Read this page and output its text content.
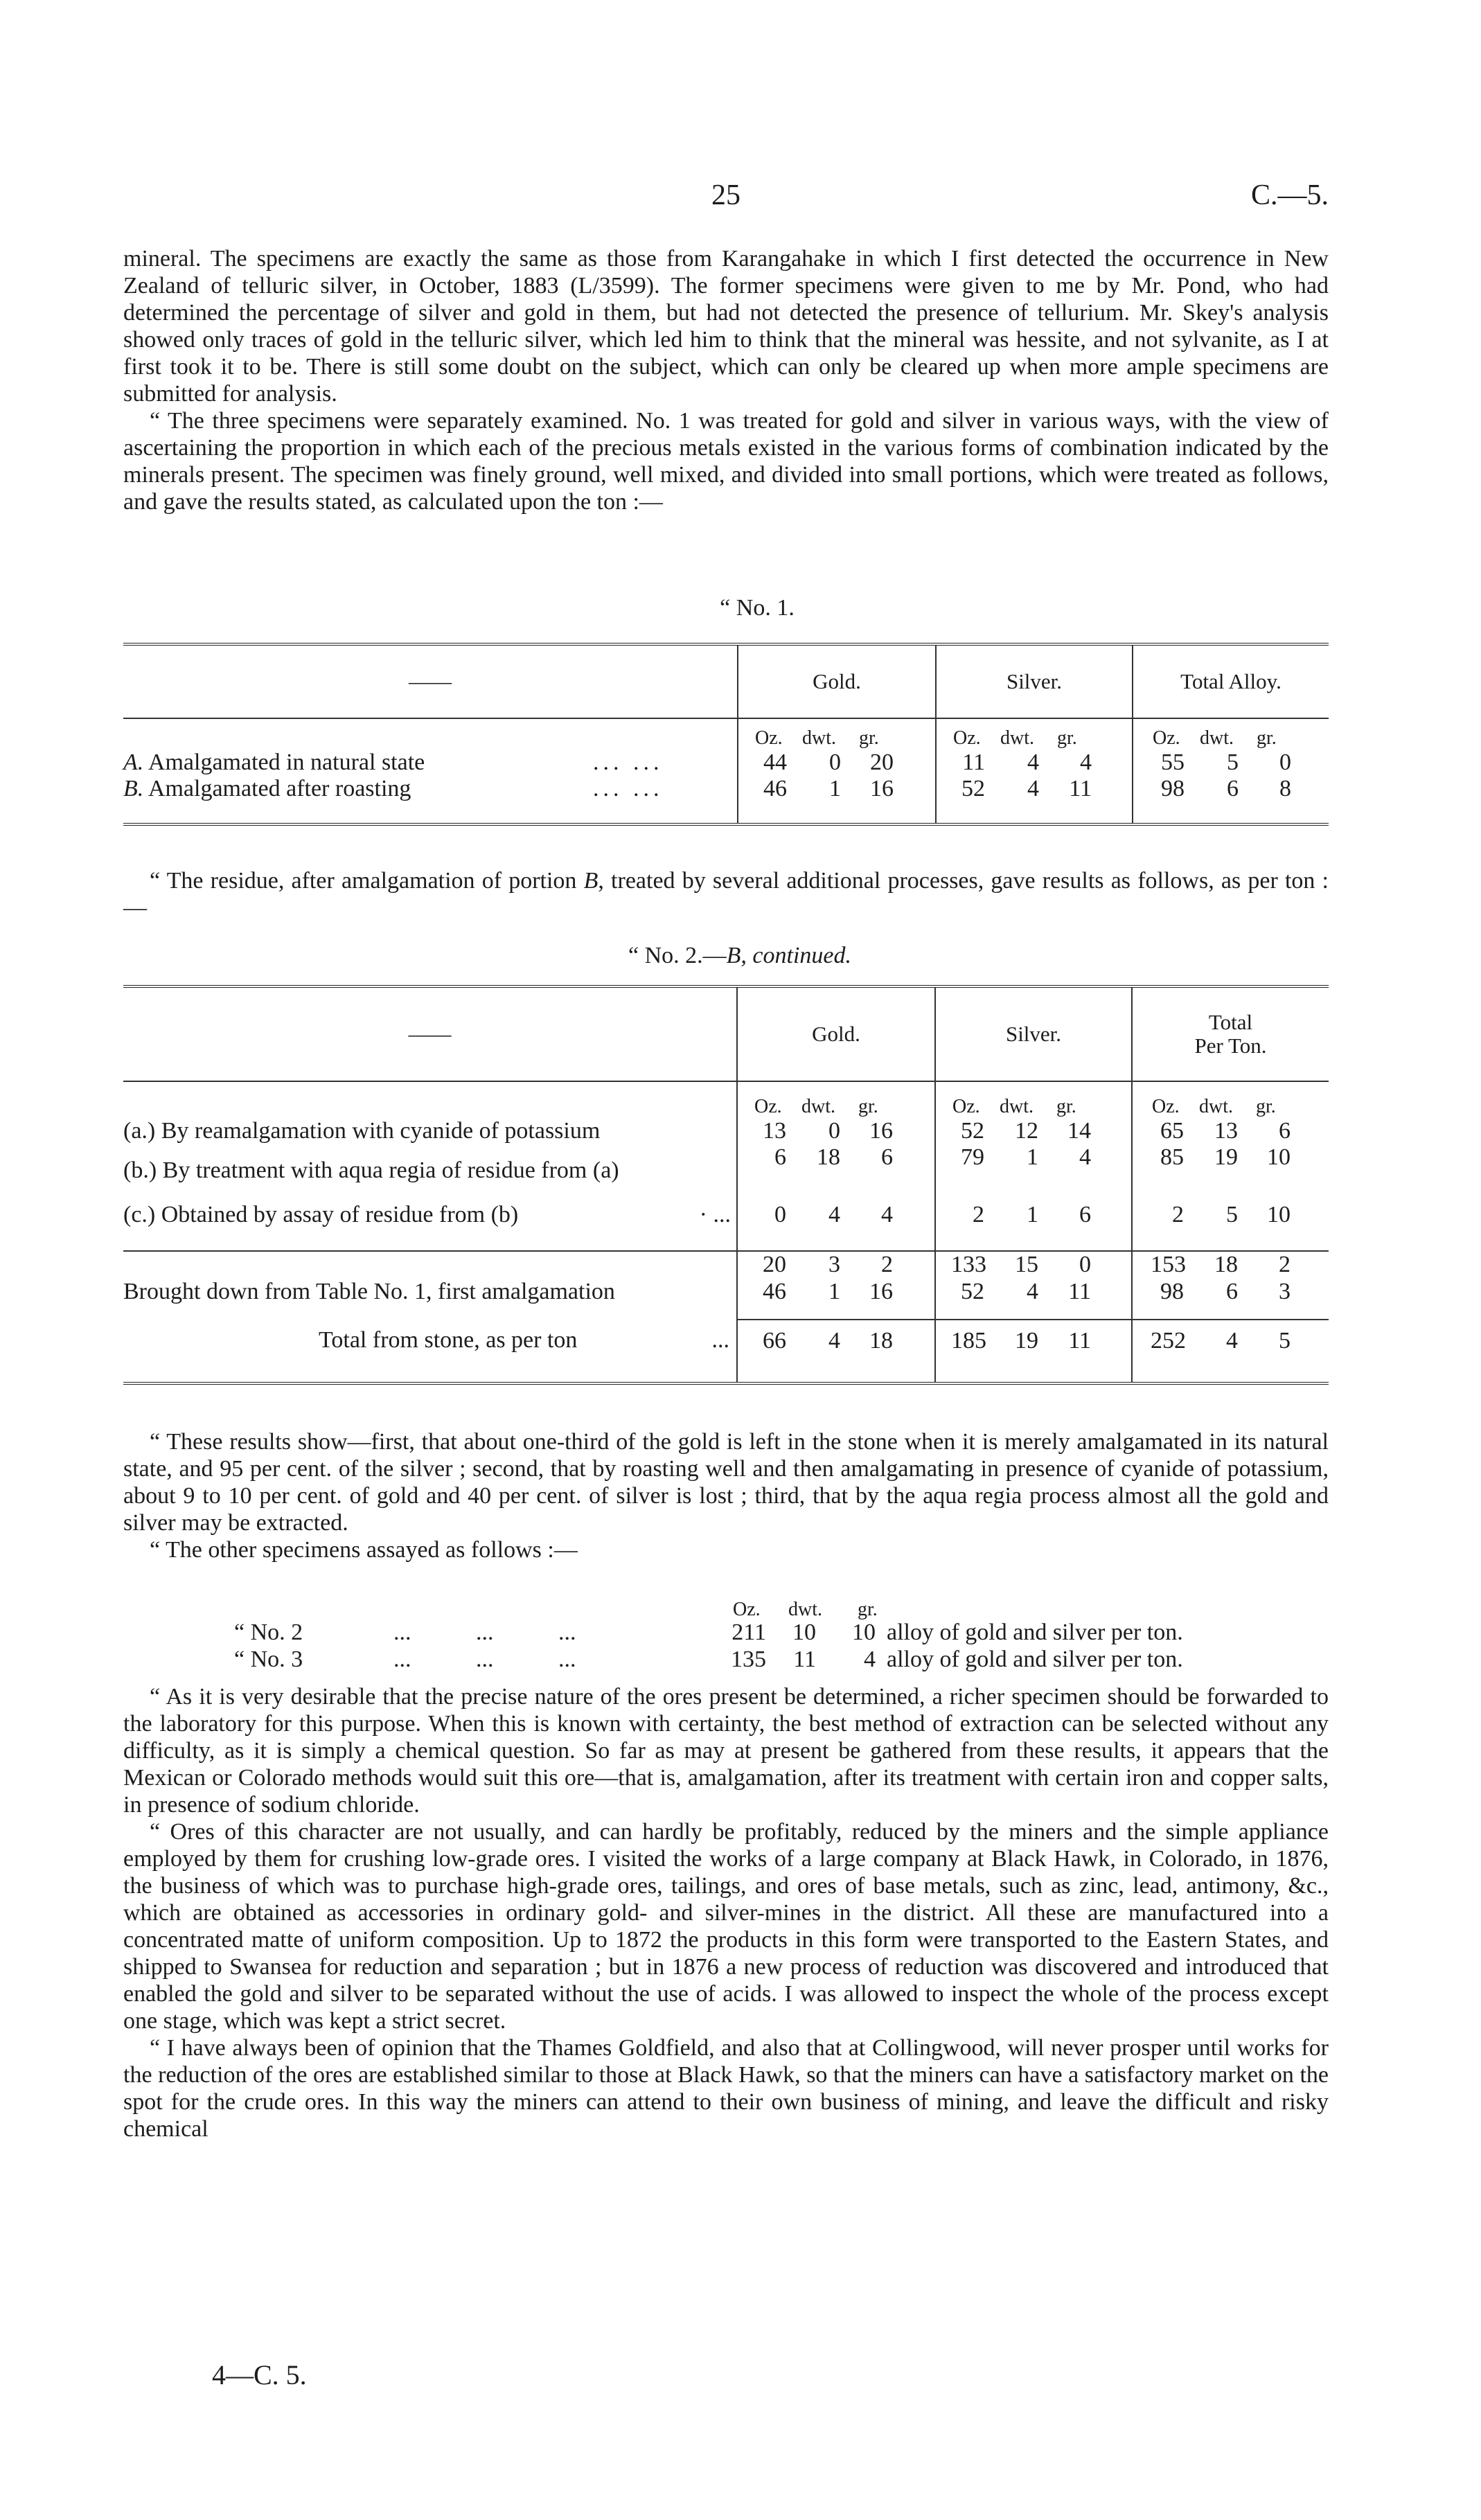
25	C.—5.

mineral. The specimens are exactly the same as those from Karangahake in which I first detected the occurrence in New Zealand of telluric silver, in October, 1883 (L/3599). The former specimens were given to me by Mr. Pond, who had determined the percentage of silver and gold in them, but had not detected the presence of tellurium. Mr. Skey's analysis showed only traces of gold in the telluric silver, which led him to think that the mineral was hessite, and not sylvanite, as I at first took it to be. There is still some doubt on the subject, which can only be cleared up when more ample specimens are submitted for analysis.

“ The three specimens were separately examined. No. 1 was treated for gold and silver in various ways, with the view of ascertaining the proportion in which each of the precious metals existed in the various forms of combination indicated by the minerals present. The specimen was finely ground, well mixed, and divided into small portions, which were treated as follows, and gave the results stated, as calculated upon the ton :—

“ No. 1.
——	Gold.	Silver.	Total Alloy.
	Oz. dwt. gr.	Oz. dwt. gr.	Oz. dwt. gr.
A. Amalgamated in natural state ... ...	44 0 20	11 4 4	55 5 0
B. Amalgamated after roasting ... ...	46 1 16	52 4 11	98 6 8

“ The residue, after amalgamation of portion B, treated by several additional processes, gave results as follows, as per ton :—

“ No. 2.—B, continued.
——	Gold.	Silver.	Total
Per Ton.
	Oz. dwt. gr.	Oz. dwt. gr.	Oz. dwt. gr.
(a.) By reamalgamation with cyanide of potassium	13 0 16	52 12 14	65 13 6
(b.) By treatment with aqua regia of residue from (a)	6 18 6	79 1 4	85 19 10
(c.) Obtained by assay of residue from (b) · ...	0 4 4	2 1 6	2 5 10

	20 3 2	133 15 0	153 18 2
Brought down from Table No. 1, first amalgamation	46 1 16	52 4 11	98 6 3

Total from stone, as per ton ...	66 4 18	185 19 11	252 4 5

“ These results show—first, that about one-third of the gold is left in the stone when it is merely amalgamated in its natural state, and 95 per cent. of the silver ; second, that by roasting well and then amalgamating in presence of cyanide of potassium, about 9 to 10 per cent. of gold and 40 per cent. of silver is lost ; third, that by the aqua regia process almost all the gold and silver may be extracted.

“ The other specimens assayed as follows :—

Oz. dwt. gr.
“ No. 2	...           ...           ...	211	10	10 alloy of gold and silver per ton.
“ No. 3	...           ...           ...	135	11	4 alloy of gold and silver per ton.

“ As it is very desirable that the precise nature of the ores present be determined, a richer specimen should be forwarded to the laboratory for this purpose. When this is known with certainty, the best method of extraction can be selected without any difficulty, as it is simply a chemical question. So far as may at present be gathered from these results, it appears that the Mexican or Colorado methods would suit this ore—that is, amalgamation, after its treatment with certain iron and copper salts, in presence of sodium chloride.

“ Ores of this character are not usually, and can hardly be profitably, reduced by the miners and the simple appliance employed by them for crushing low-grade ores. I visited the works of a large company at Black Hawk, in Colorado, in 1876, the business of which was to purchase high-grade ores, tailings, and ores of base metals, such as zinc, lead, antimony, &c., which are obtained as accessories in ordinary gold- and silver-mines in the district. All these are manufactured into a concentrated matte of uniform composition. Up to 1872 the products in this form were transported to the Eastern States, and shipped to Swansea for reduction and separation ; but in 1876 a new process of reduction was discovered and introduced that enabled the gold and silver to be separated without the use of acids. I was allowed to inspect the whole of the process except one stage, which was kept a strict secret.

“ I have always been of opinion that the Thames Goldfield, and also that at Collingwood, will never prosper until works for the reduction of the ores are established similar to those at Black Hawk, so that the miners can have a satisfactory market on the spot for the crude ores. In this way the miners can attend to their own business of mining, and leave the difficult and risky chemical

4—C. 5.
